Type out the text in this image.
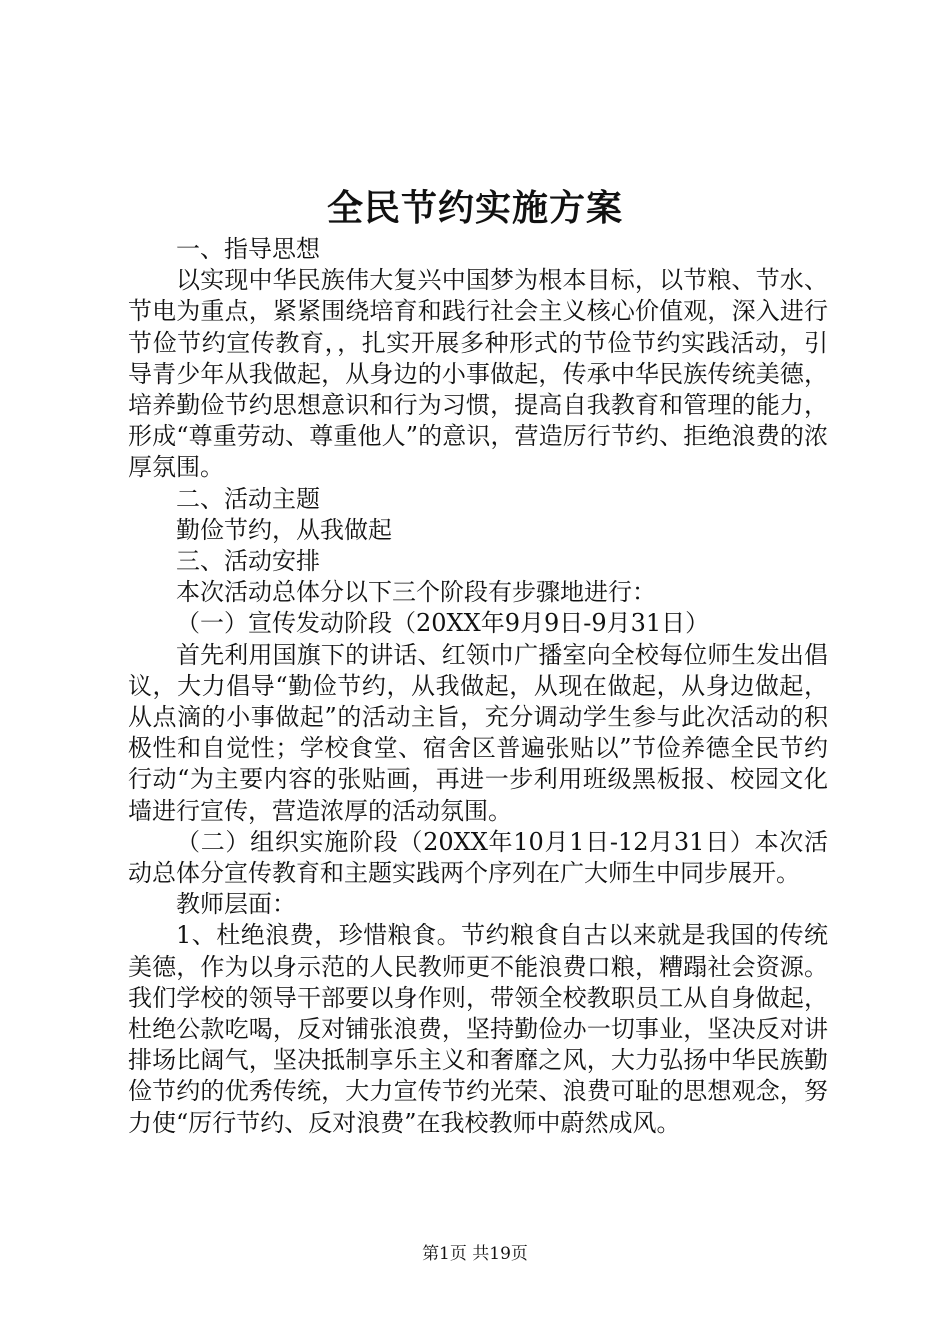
全民节约实施方案

一、指导思想

以实现中华民族伟大复兴中国梦为根本目标，以节粮、节水、节电为重点，紧紧围绕培育和践行社会主义核心价值观，深入进行节俭节约宣传教育，，扎实开展多种形式的节俭节约实践活动，引导青少年从我做起，从身边的小事做起，传承中华民族传统美德，培养勤俭节约思想意识和行为习惯，提高自我教育和管理的能力，形成“尊重劳动、尊重他人”的意识，营造厉行节约、拒绝浪费的浓厚氛围。

二、活动主题

勤俭节约，从我做起

三、活动安排

本次活动总体分以下三个阶段有步骤地进行：

（一）宣传发动阶段（20XX年9月9日-9月31日）

首先利用国旗下的讲话、红领巾广播室向全校每位师生发出倡议，大力倡导“勤俭节约，从我做起，从现在做起，从身边做起，从点滴的小事做起”的活动主旨，充分调动学生参与此次活动的积极性和自觉性；学校食堂、宿舍区普遍张贴以”节俭养德全民节约行动“为主要内容的张贴画，再进一步利用班级黑板报、校园文化墙进行宣传，营造浓厚的活动氛围。

（二）组织实施阶段（20XX年10月1日-12月31日）本次活动总体分宣传教育和主题实践两个序列在广大师生中同步展开。

教师层面：

1、杜绝浪费，珍惜粮食。节约粮食自古以来就是我国的传统美德，作为以身示范的人民教师更不能浪费口粮，糟蹋社会资源。我们学校的领导干部要以身作则，带领全校教职员工从自身做起，杜绝公款吃喝，反对铺张浪费，坚持勤俭办一切事业，坚决反对讲排场比阔气，坚决抵制享乐主义和奢靡之风，大力弘扬中华民族勤俭节约的优秀传统，大力宣传节约光荣、浪费可耻的思想观念，努力使“厉行节约、反对浪费”在我校教师中蔚然成风。

第1页 共19页
